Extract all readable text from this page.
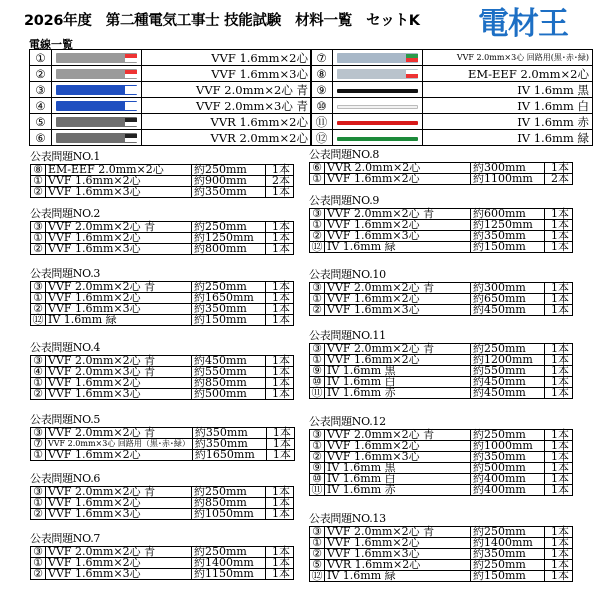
2026年度　第二種電気工事士 技能試験　材料一覧　セットK 電材王
電線一覧
①		VVF 1.6mm×2心
②		VVF 1.6mm×3心
③		VVF 2.0mm×2心 青
④		VVF 2.0mm×3心 青
⑤		VVR 1.6mm×2心
⑥		VVR 2.0mm×2心
⑦		VVF 2.0mm×3心 回路用(黒･赤･緑)
⑧		EM-EEF 2.0mm×2心
⑨		IV 1.6mm 黒
⑩		IV 1.6mm 白
⑪		IV 1.6mm 赤
⑫		IV 1.6mm 緑
公表問題NO.1
⑧	EM-EEF 2.0mm×2心	約250mm	1本
①	VVF 1.6mm×2心	約900mm	2本
②	VVF 1.6mm×3心	約350mm	1本
公表問題NO.2
③	VVF 2.0mm×2心 青	約250mm	1本
①	VVF 1.6mm×2心	約1250mm	1本
②	VVF 1.6mm×3心	約800mm	1本
公表問題NO.3
③	VVF 2.0mm×2心 青	約250mm	1本
①	VVF 1.6mm×2心	約1650mm	1本
②	VVF 1.6mm×3心	約350mm	1本
⑫	IV 1.6mm 緑	約150mm	1本
公表問題NO.4
③	VVF 2.0mm×2心 青	約450mm	1本
④	VVF 2.0mm×3心 青	約550mm	1本
①	VVF 1.6mm×2心	約850mm	1本
②	VVF 1.6mm×3心	約500mm	1本
公表問題NO.5
③	VVF 2.0mm×2心 青	約350mm	1本
⑦	VVF 2.0mm×3心 回路用（黒･赤･緑）	約350mm	1本
①	VVF 1.6mm×2心	約1650mm	1本
公表問題NO.6
③	VVF 2.0mm×2心 青	約250mm	1本
①	VVF 1.6mm×2心	約850mm	1本
②	VVF 1.6mm×3心	約1050mm	1本
公表問題NO.7
③	VVF 2.0mm×2心 青	約250mm	1本
①	VVF 1.6mm×2心	約1400mm	1本
②	VVF 1.6mm×3心	約1150mm	1本
公表問題NO.8
⑥	VVR 2.0mm×2心	約300mm	1本
①	VVF 1.6mm×2心	約1100mm	2本
公表問題NO.9
③	VVF 2.0mm×2心 青	約600mm	1本
①	VVF 1.6mm×2心	約1250mm	1本
②	VVF 1.6mm×3心	約350mm	1本
⑫	IV 1.6mm 緑	約150mm	1本
公表問題NO.10
③	VVF 2.0mm×2心 青	約300mm	1本
①	VVF 1.6mm×2心	約650mm	1本
②	VVF 1.6mm×3心	約450mm	1本
公表問題NO.11
③	VVF 2.0mm×2心 青	約250mm	1本
①	VVF 1.6mm×2心	約1200mm	1本
⑨	IV 1.6mm 黒	約550mm	1本
⑩	IV 1.6mm 白	約450mm	1本
⑪	IV 1.6mm 赤	約450mm	1本
公表問題NO.12
③	VVF 2.0mm×2心 青	約250mm	1本
①	VVF 1.6mm×2心	約1000mm	1本
②	VVF 1.6mm×3心	約350mm	1本
⑨	IV 1.6mm 黒	約500mm	1本
⑩	IV 1.6mm 白	約400mm	1本
⑪	IV 1.6mm 赤	約400mm	1本
公表問題NO.13
③	VVF 2.0mm×2心 青	約250mm	1本
①	VVF 1.6mm×2心	約1400mm	1本
②	VVF 1.6mm×3心	約350mm	1本
⑤	VVR 1.6mm×2心	約250mm	1本
⑫	IV 1.6mm 緑	約150mm	1本
